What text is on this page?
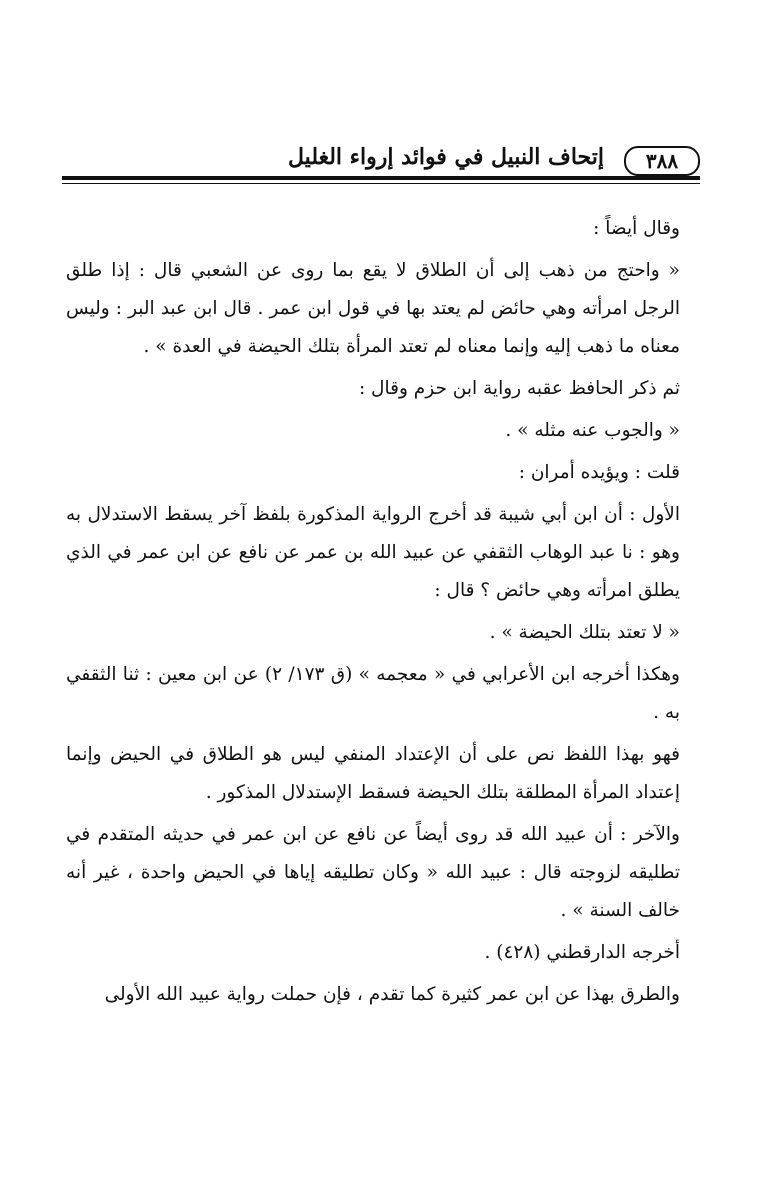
٣٨٨
إتحاف النبيل في فوائد إرواء الغليل

وقال أيضاً :

« واحتج من ذهب إلى أن الطلاق لا يقع بما روى عن الشعبي قال : إذا طلق الرجل امرأته وهي حائض لم يعتد بها في قول ابن عمر . قال ابن عبد البر : وليس معناه ما ذهب إليه وإنما معناه لم تعتد المرأة بتلك الحيضة في العدة » .

ثم ذكر الحافظ عقبه رواية ابن حزم وقال :

« والجوب عنه مثله » .

قلت : ويؤيده أمران :

الأول : أن ابن أبي شيبة قد أخرج الرواية المذكورة بلفظ آخر يسقط الاستدلال به وهو : نا عبد الوهاب الثقفي عن عبيد الله بن عمر عن نافع عن ابن عمر في الذي يطلق امرأته وهي حائض ؟ قال :

« لا تعتد بتلك الحيضة » .

وهكذا أخرجه ابن الأعرابي في « معجمه » (ق ١٧٣/ ٢) عن ابن معين : ثنا الثقفي به .

فهو بهذا اللفظ نص على أن الإعتداد المنفي ليس هو الطلاق في الحيض وإنما إعتداد المرأة المطلقة بتلك الحيضة فسقط الإستدلال المذكور .

والآخر : أن عبيد الله قد روى أيضاً عن نافع عن ابن عمر في حديثه المتقدم في تطليقه لزوجته قال : عبيد الله « وكان تطليقه إياها في الحيض واحدة ، غير أنه خالف السنة » .

أخرجه الدارقطني (٤٢٨) .

والطرق بهذا عن ابن عمر كثيرة كما تقدم ، فإن حملت رواية عبيد الله الأولى
